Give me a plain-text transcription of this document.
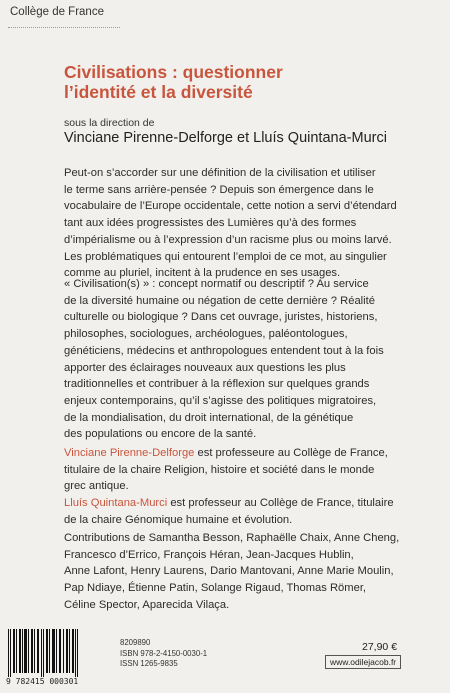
Collège de France
Civilisations : questionner
l’identité et la diversité
sous la direction de
Vinciane Pirenne-Delforge et Lluís Quintana-Murci

Peut-on s’accorder sur une définition de la civilisation et utiliser

le terme sans arrière-pensée ? Depuis son émergence dans le

vocabulaire de l’Europe occidentale, cette notion a servi d’étendard

tant aux idées progressistes des Lumières qu’à des formes

d’impérialisme ou à l’expression d’un racisme plus ou moins larvé.

Les problématiques qui entourent l’emploi de ce mot, au singulier

comme au pluriel, incitent à la prudence en ses usages.

« Civilisation(s) » : concept normatif ou descriptif ? Au service

de la diversité humaine ou négation de cette dernière ? Réalité

culturelle ou biologique ? Dans cet ouvrage, juristes, historiens,

philosophes, sociologues, archéologues, paléontologues,

généticiens, médecins et anthropologues entendent tout à la fois

apporter des éclairages nouveaux aux questions les plus

traditionnelles et contribuer à la réflexion sur quelques grands

enjeux contemporains, qu’il s’agisse des politiques migratoires,

de la mondialisation, du droit international, de la génétique

des populations ou encore de la santé.

Vinciane Pirenne-Delforge est professeure au Collège de France,

titulaire de la chaire Religion, histoire et société dans le monde

grec antique.

Lluís Quintana-Murci est professeur au Collège de France, titulaire

de la chaire Génomique humaine et évolution.

Contributions de Samantha Besson, Raphaëlle Chaix, Anne Cheng,

Francesco d’Errico, François Héran, Jean-Jacques Hublin,

Anne Lafont, Henry Laurens, Dario Mantovani, Anne Marie Moulin,

Pap Ndiaye, Étienne Patin, Solange Rigaud, Thomas Römer,

Céline Spector, Aparecida Vilaça.

9 782415 000301
8209890
ISBN 978-2-4150-0030-1
ISSN 1265-9835
27,90 €
www.odilejacob.fr
